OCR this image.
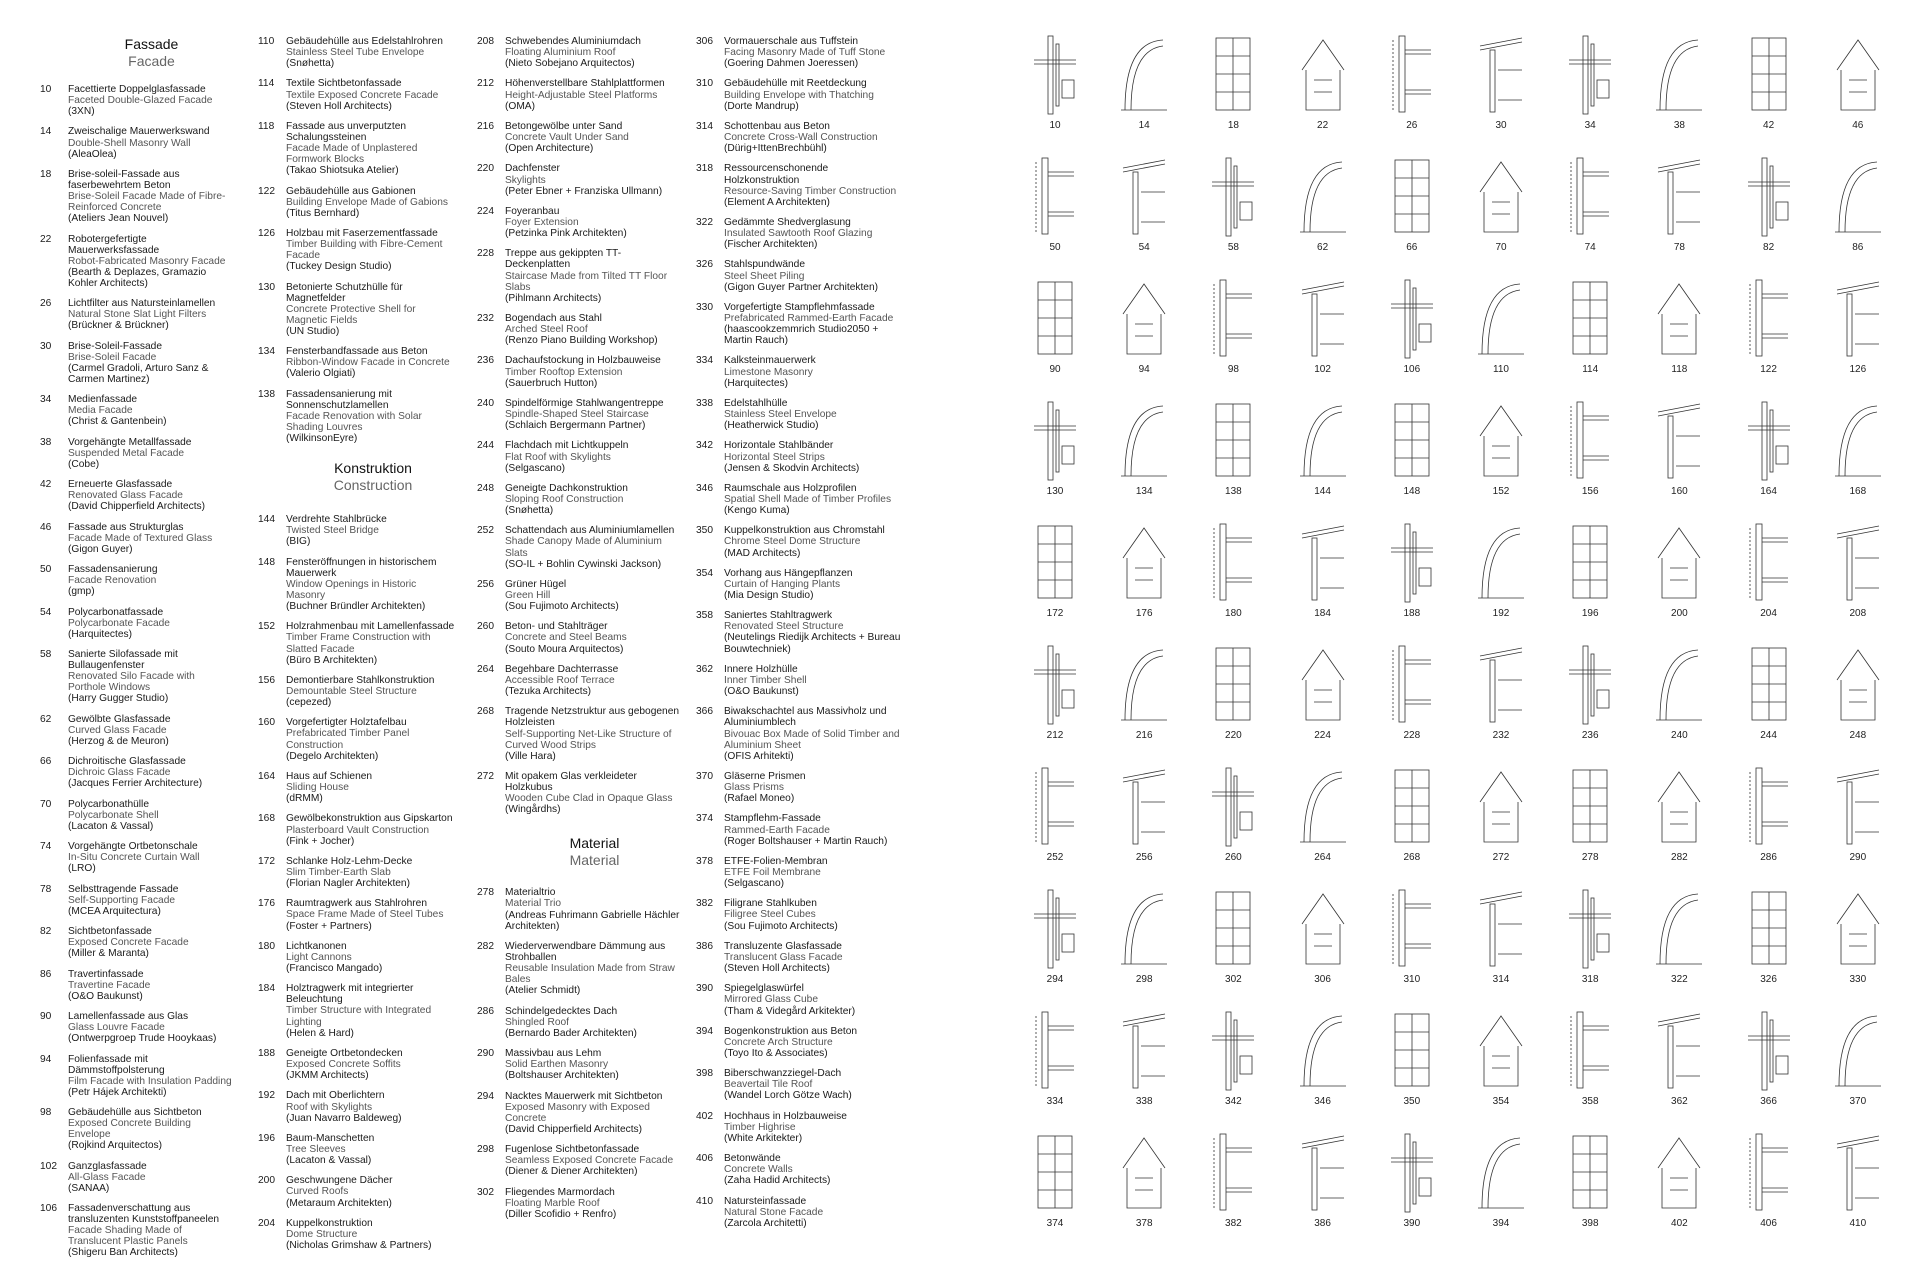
Fassade
Facade
10 Facettierte Doppelglasfassade
Faceted Double-Glazed Facade
(3XN)
14 Zweischalige Mauerwerkswand
Double-Shell Masonry Wall
(AleaOlea)
18 Brise-soleil-Fassade aus faserbewehrtem Beton
Brise-Soleil Facade Made of Fibre-Reinforced Concrete
(Ateliers Jean Nouvel)
22 Robotergefertigte Mauerwerksfassade
Robot-Fabricated Masonry Facade
(Bearth & Deplazes, Gramazio Kohler Architects)
26 Lichtfilter aus Natursteinlamellen
Natural Stone Slat Light Filters
(Brückner & Brückner)
30 Brise-Soleil-Fassade
Brise-Soleil Facade
(Carmel Gradoli, Arturo Sanz & Carmen Martinez)
34 Medienfassade
Media Facade
(Christ & Gantenbein)
38 Vorgehängte Metallfassade
Suspended Metal Facade
(Cobe)
42 Erneuerte Glasfassade
Renovated Glass Facade
(David Chipperfield Architects)
46 Fassade aus Strukturglas
Facade Made of Textured Glass
(Gigon Guyer)
50 Fassadensanierung
Facade Renovation
(gmp)
54 Polycarbonatfassade
Polycarbonate Facade
(Harquitectes)
58 Sanierte Silofassade mit Bullaugenfenster
Renovated Silo Facade with Porthole Windows
(Harry Gugger Studio)
62 Gewölbte Glasfassade
Curved Glass Facade
(Herzog & de Meuron)
66 Dichroitische Glasfassade
Dichroic Glass Facade
(Jacques Ferrier Architecture)
70 Polycarbonathülle
Polycarbonate Shell
(Lacaton & Vassal)
74 Vorgehängte Ortbetonschale
In-Situ Concrete Curtain Wall
(LRO)
78 Selbsttragende Fassade
Self-Supporting Facade
(MCEA Arquitectura)
82 Sichtbetonfassade
Exposed Concrete Facade
(Miller & Maranta)
86 Travertinfassade
Travertine Facade
(O&O Baukunst)
90 Lamellenfassade aus Glas
Glass Louvre Facade
(Ontwerpgroep Trude Hooykaas)
94 Folienfassade mit Dämmstoffpolsterung
Film Facade with Insulation Padding
(Petr Hájek Architekti)
98 Gebäudehülle aus Sichtbeton
Exposed Concrete Building Envelope
(Rojkind Arquitectos)
102 Ganzglasfassade
All-Glass Facade
(SANAA)
106 Fassadenverschattung aus transluzenten Kunststoffpaneelen
Facade Shading Made of Translucent Plastic Panels
(Shigeru Ban Architects)
110 Gebäudehülle aus Edelstahlrohren
Stainless Steel Tube Envelope
(Snøhetta)
114 Textile Sichtbetonfassade
Textile Exposed Concrete Facade
(Steven Holl Architects)
118 Fassade aus unverputzten Schalungssteinen
Facade Made of Unplastered Formwork Blocks
(Takao Shiotsuka Atelier)
122 Gebäudehülle aus Gabionen
Building Envelope Made of Gabions
(Titus Bernhard)
126 Holzbau mit Faserzementfassade
Timber Building with Fibre-Cement Facade
(Tuckey Design Studio)
130 Betonierte Schutzhülle für Magnetfelder
Concrete Protective Shell for Magnetic Fields
(UN Studio)
134 Fensterbandfassade aus Beton
Ribbon-Window Facade in Concrete
(Valerio Olgiati)
138 Fassadensanierung mit Sonnenschutzlamellen
Facade Renovation with Solar Shading Louvres
(WilkinsonEyre)
Konstruktion
Construction
144 Verdrehte Stahlbrücke
Twisted Steel Bridge
(BIG)
148 Fensteröffnungen in historischem Mauerwerk
Window Openings in Historic Masonry
(Buchner Bründler Architekten)
152 Holzrahmenbau mit Lamellenfassade
Timber Frame Construction with Slatted Facade
(Büro B Architekten)
156 Demontierbare Stahlkonstruktion
Demountable Steel Structure
(cepezed)
160 Vorgefertigter Holztafelbau
Prefabricated Timber Panel Construction
(Degelo Architekten)
164 Haus auf Schienen
Sliding House
(dRMM)
168 Gewölbekonstruktion aus Gipskarton
Plasterboard Vault Construction
(Fink + Jocher)
172 Schlanke Holz-Lehm-Decke
Slim Timber-Earth Slab
(Florian Nagler Architekten)
176 Raumtragwerk aus Stahlrohren
Space Frame Made of Steel Tubes
(Foster + Partners)
180 Lichtkanonen
Light Cannons
(Francisco Mangado)
184 Holztragwerk mit integrierter Beleuchtung
Timber Structure with Integrated Lighting
(Helen & Hard)
188 Geneigte Ortbetondecken
Exposed Concrete Soffits
(JKMM Architects)
192 Dach mit Oberlichtern
Roof with Skylights
(Juan Navarro Baldeweg)
196 Baum-Manschetten
Tree Sleeves
(Lacaton & Vassal)
200 Geschwungene Dächer
Curved Roofs
(Metaraum Architekten)
204 Kuppelkonstruktion
Dome Structure
(Nicholas Grimshaw & Partners)
208 Schwebendes Aluminiumdach
Floating Aluminium Roof
(Nieto Sobejano Arquitectos)
212 Höhenverstellbare Stahlplattformen
Height-Adjustable Steel Platforms
(OMA)
216 Betongewölbe unter Sand
Concrete Vault Under Sand
(Open Architecture)
220 Dachfenster
Skylights
(Peter Ebner + Franziska Ullmann)
224 Foyeranbau
Foyer Extension
(Petzinka Pink Architekten)
228 Treppe aus gekippten TT-Deckenplatten
Staircase Made from Tilted TT Floor Slabs
(Pihlmann Architects)
232 Bogendach aus Stahl
Arched Steel Roof
(Renzo Piano Building Workshop)
236 Dachaufstockung in Holzbauweise
Timber Rooftop Extension
(Sauerbruch Hutton)
240 Spindelförmige Stahlwangentreppe
Spindle-Shaped Steel Staircase
(Schlaich Bergermann Partner)
244 Flachdach mit Lichtkuppeln
Flat Roof with Skylights
(Selgascano)
248 Geneigte Dachkonstruktion
Sloping Roof Construction
(Snøhetta)
252 Schattendach aus Aluminiumlamellen
Shade Canopy Made of Aluminium Slats
(SO-IL + Bohlin Cywinski Jackson)
256 Grüner Hügel
Green Hill
(Sou Fujimoto Architects)
260 Beton- und Stahlträger
Concrete and Steel Beams
(Souto Moura Arquitectos)
264 Begehbare Dachterrasse
Accessible Roof Terrace
(Tezuka Architects)
268 Tragende Netzstruktur aus gebogenen Holzleisten
Self-Supporting Net-Like Structure of Curved Wood Strips
(Ville Hara)
272 Mit opakem Glas verkleideter Holzkubus
Wooden Cube Clad in Opaque Glass
(Wingårdhs)
Material
Material
278 Materialtrio
Material Trio
(Andreas Fuhrimann Gabrielle Hächler Architekten)
282 Wiederverwendbare Dämmung aus Strohballen
Reusable Insulation Made from Straw Bales
(Atelier Schmidt)
286 Schindelgedecktes Dach
Shingled Roof
(Bernardo Bader Architekten)
290 Massivbau aus Lehm
Solid Earthen Masonry
(Boltshauser Architekten)
294 Nacktes Mauerwerk mit Sichtbeton
Exposed Masonry with Exposed Concrete
(David Chipperfield Architects)
298 Fugenlose Sichtbetonfassade
Seamless Exposed Concrete Facade
(Diener & Diener Architekten)
302 Fliegendes Marmordach
Floating Marble Roof
(Diller Scofidio + Renfro)
306 Vormauerschale aus Tuffstein
Facing Masonry Made of Tuff Stone
(Goering Dahmen Joeressen)
310 Gebäudehülle mit Reetdeckung
Building Envelope with Thatching
(Dorte Mandrup)
314 Schottenbau aus Beton
Concrete Cross-Wall Construction
(Dürig+IttenBrechbühl)
318 Ressourcenschonende Holzkonstruktion
Resource-Saving Timber Construction
(Element A Architekten)
322 Gedämmte Shedverglasung
Insulated Sawtooth Roof Glazing
(Fischer Architekten)
326 Stahlspundwände
Steel Sheet Piling
(Gigon Guyer Partner Architekten)
330 Vorgefertigte Stampflehmfassade
Prefabricated Rammed-Earth Facade
(haascookzemmrich Studio2050 + Martin Rauch)
334 Kalksteinmauerwerk
Limestone Masonry
(Harquitectes)
338 Edelstahlhülle
Stainless Steel Envelope
(Heatherwick Studio)
342 Horizontale Stahlbänder
Horizontal Steel Strips
(Jensen & Skodvin Architects)
346 Raumschale aus Holzprofilen
Spatial Shell Made of Timber Profiles
(Kengo Kuma)
350 Kuppelkonstruktion aus Chromstahl
Chrome Steel Dome Structure
(MAD Architects)
354 Vorhang aus Hängepflanzen
Curtain of Hanging Plants
(Mia Design Studio)
358 Saniertes Stahltragwerk
Renovated Steel Structure
(Neutelings Riedijk Architects + Bureau Bouwtechniek)
362 Innere Holzhülle
Inner Timber Shell
(O&O Baukunst)
366 Biwakschachtel aus Massivholz und Aluminiumblech
Bivouac Box Made of Solid Timber and Aluminium Sheet
(OFIS Arhitekti)
370 Gläserne Prismen
Glass Prisms
(Rafael Moneo)
374 Stampflehm-Fassade
Rammed-Earth Facade
(Roger Boltshauser + Martin Rauch)
378 ETFE-Folien-Membran
ETFE Foil Membrane
(Selgascano)
382 Filigrane Stahlkuben
Filigree Steel Cubes
(Sou Fujimoto Architects)
386 Transluzente Glasfassade
Translucent Glass Facade
(Steven Holl Architects)
390 Spiegelglaswürfel
Mirrored Glass Cube
(Tham & Videgård Arkitekter)
394 Bogenkonstruktion aus Beton
Concrete Arch Structure
(Toyo Ito & Associates)
398 Biberschwanzziegel-Dach
Beavertail Tile Roof
(Wandel Lorch Götze Wach)
402 Hochhaus in Holzbauweise
Timber Highrise
(White Arkitekter)
406 Betonwände
Concrete Walls
(Zaha Hadid Architects)
410 Natursteinfassade
Natural Stone Facade
(Zarcola Architetti)
10	14	18	22	26	30	34	38	42	46
50	54	58	62	66	70	74	78	82	86
90	94	98	102	106	110	114	118	122	126
130	134	138	144	148	152	156	160	164	168
172	176	180	184	188	192	196	200	204	208
212	216	220	224	228	232	236	240	244	248
252	256	260	264	268	272	278	282	286	290
294	298	302	306	310	314	318	322	326	330
334	338	342	346	350	354	358	362	366	370
374	378	382	386	390	394	398	402	406	410
